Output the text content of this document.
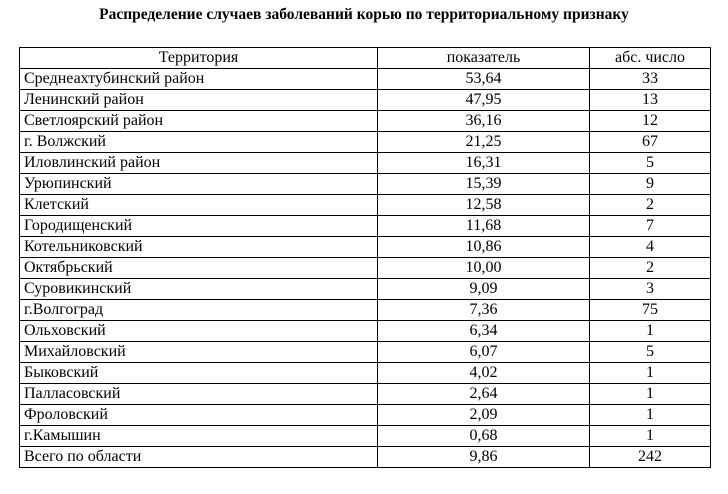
Распределение случаев заболеваний корью по территориальному признаку
Территория	показатель	абс. число
Среднеахтубинский район	53,64	33
Ленинский район	47,95	13
Светлоярский район	36,16	12
г. Волжский	21,25	67
Иловлинский район	16,31	5
Урюпинский	15,39	9
Клетский	12,58	2
Городищенский	11,68	7
Котельниковский	10,86	4
Октябрьский	10,00	2
Суровикинский	9,09	3
г.Волгоград	7,36	75
Ольховский	6,34	1
Михайловский	6,07	5
Быковский	4,02	1
Палласовский	2,64	1
Фроловский	2,09	1
г.Камышин	0,68	1
Всего по области	9,86	242
